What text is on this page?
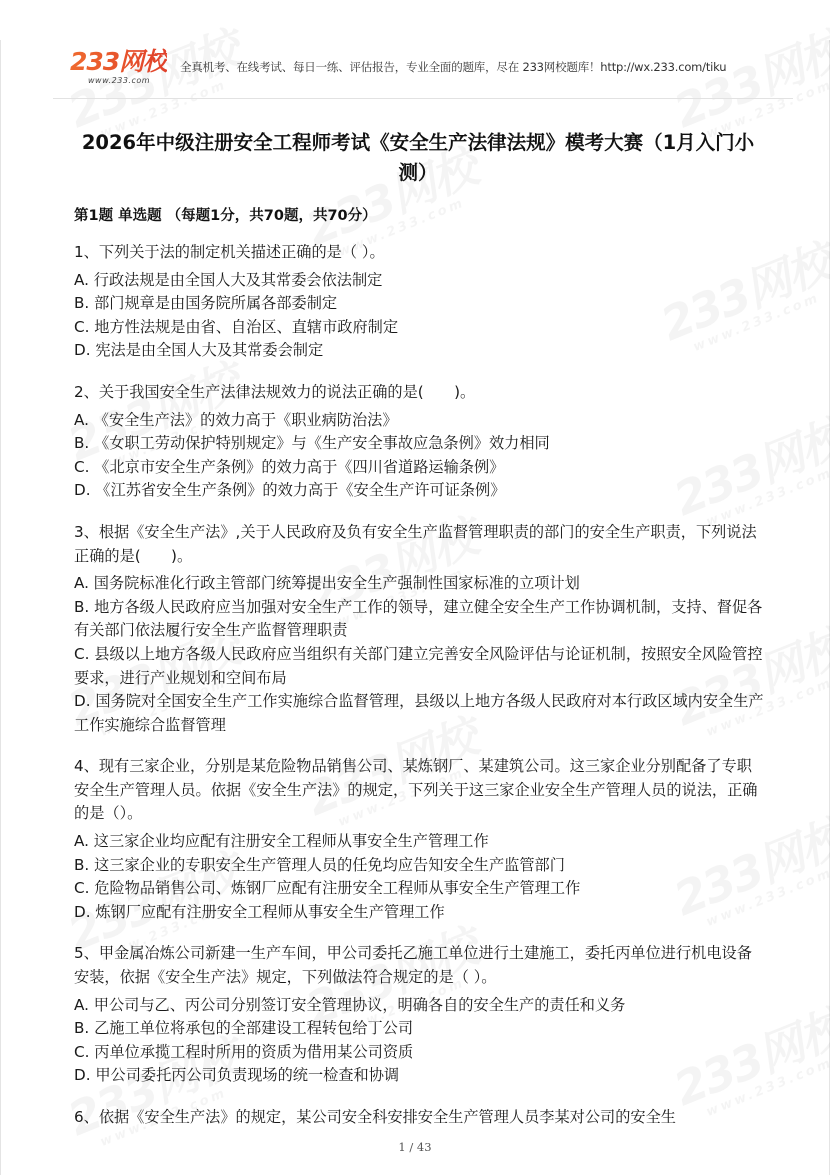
233网校
www.233.com
全真机考、在线考试、每日一练、评估报告，专业全面的题库，尽在 233网校题库！http://wx.233.com/tiku
2026年中级注册安全工程师考试《安全生产法律法规》模考大赛（1月入门小测）
第1题 单选题 （每题1分，共70题，共70分）
1、下列关于法的制定机关描述正确的是（ ）。
A. 行政法规是由全国人大及其常委会依法制定
B. 部门规章是由国务院所属各部委制定
C. 地方性法规是由省、自治区、直辖市政府制定
D. 宪法是由全国人大及其常委会制定
2、关于我国安全生产法律法规效力的说法正确的是(　　)。
A. 《安全生产法》的效力高于《职业病防治法》
B. 《女职工劳动保护特别规定》与《生产安全事故应急条例》效力相同
C. 《北京市安全生产条例》的效力高于《四川省道路运输条例》
D. 《江苏省安全生产条例》的效力高于《安全生产许可证条例》
3、根据《安全生产法》,关于人民政府及负有安全生产监督管理职责的部门的安全生产职责，下列说法正确的是(　　)。
A. 国务院标准化行政主管部门统筹提出安全生产强制性国家标准的立项计划
B. 地方各级人民政府应当加强对安全生产工作的领导，建立健全安全生产工作协调机制，支持、督促各有关部门依法履行安全生产监督管理职责
C. 县级以上地方各级人民政府应当组织有关部门建立完善安全风险评估与论证机制，按照安全风险管控要求，进行产业规划和空间布局
D. 国务院对全国安全生产工作实施综合监督管理，县级以上地方各级人民政府对本行政区域内安全生产工作实施综合监督管理
4、现有三家企业，分别是某危险物品销售公司、某炼钢厂、某建筑公司。这三家企业分别配备了专职安全生产管理人员。依据《安全生产法》的规定，下列关于这三家企业安全生产管理人员的说法，正确的是（）。
A. 这三家企业均应配有注册安全工程师从事安全生产管理工作
B. 这三家企业的专职安全生产管理人员的任免均应告知安全生产监管部门
C. 危险物品销售公司、炼钢厂应配有注册安全工程师从事安全生产管理工作
D. 炼钢厂应配有注册安全工程师从事安全生产管理工作
5、甲金属冶炼公司新建一生产车间，甲公司委托乙施工单位进行土建施工，委托丙单位进行机电设备安装，依据《安全生产法》规定，下列做法符合规定的是（ ）。
A. 甲公司与乙、丙公司分别签订安全管理协议，明确各自的安全生产的责任和义务
B. 乙施工单位将承包的全部建设工程转包给丁公司
C. 丙单位承揽工程时所用的资质为借用某公司资质
D. 甲公司委托丙公司负责现场的统一检查和协调
6、依据《安全生产法》的规定，某公司安全科安排安全生产管理人员李某对公司的安全生
1 / 43
